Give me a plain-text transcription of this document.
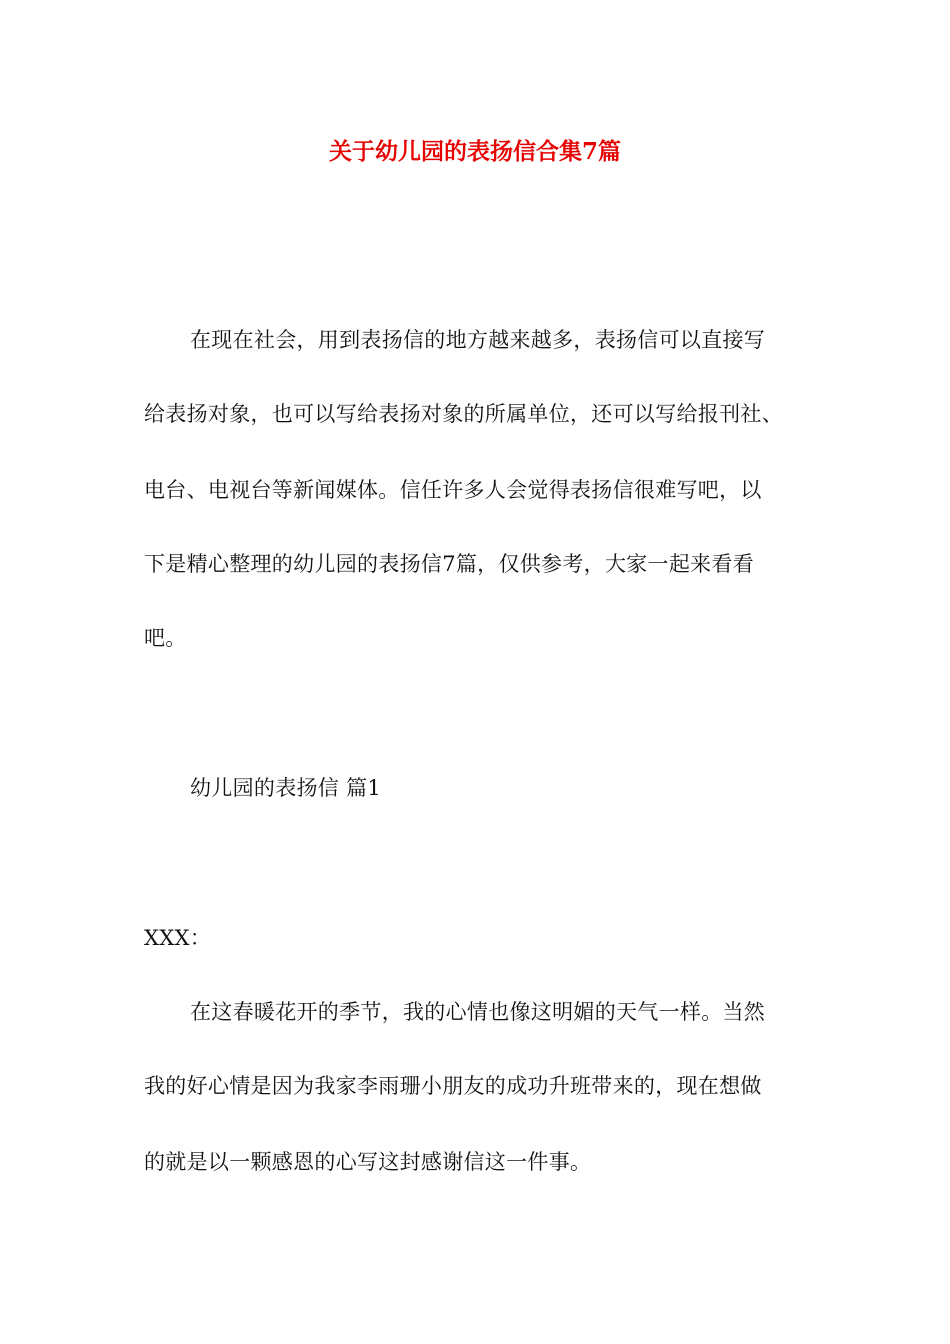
关于幼儿园的表扬信合集7篇
在现在社会，用到表扬信的地方越来越多，表扬信可以直接写
给表扬对象，也可以写给表扬对象的所属单位，还可以写给报刊社、
电台、电视台等新闻媒体。信任许多人会觉得表扬信很难写吧，以
下是精心整理的幼儿园的表扬信7篇，仅供参考，大家一起来看看
吧。
幼儿园的表扬信 篇1
XXX：
在这春暖花开的季节，我的心情也像这明媚的天气一样。当然
我的好心情是因为我家李雨珊小朋友的成功升班带来的，现在想做
的就是以一颗感恩的心写这封感谢信这一件事。
